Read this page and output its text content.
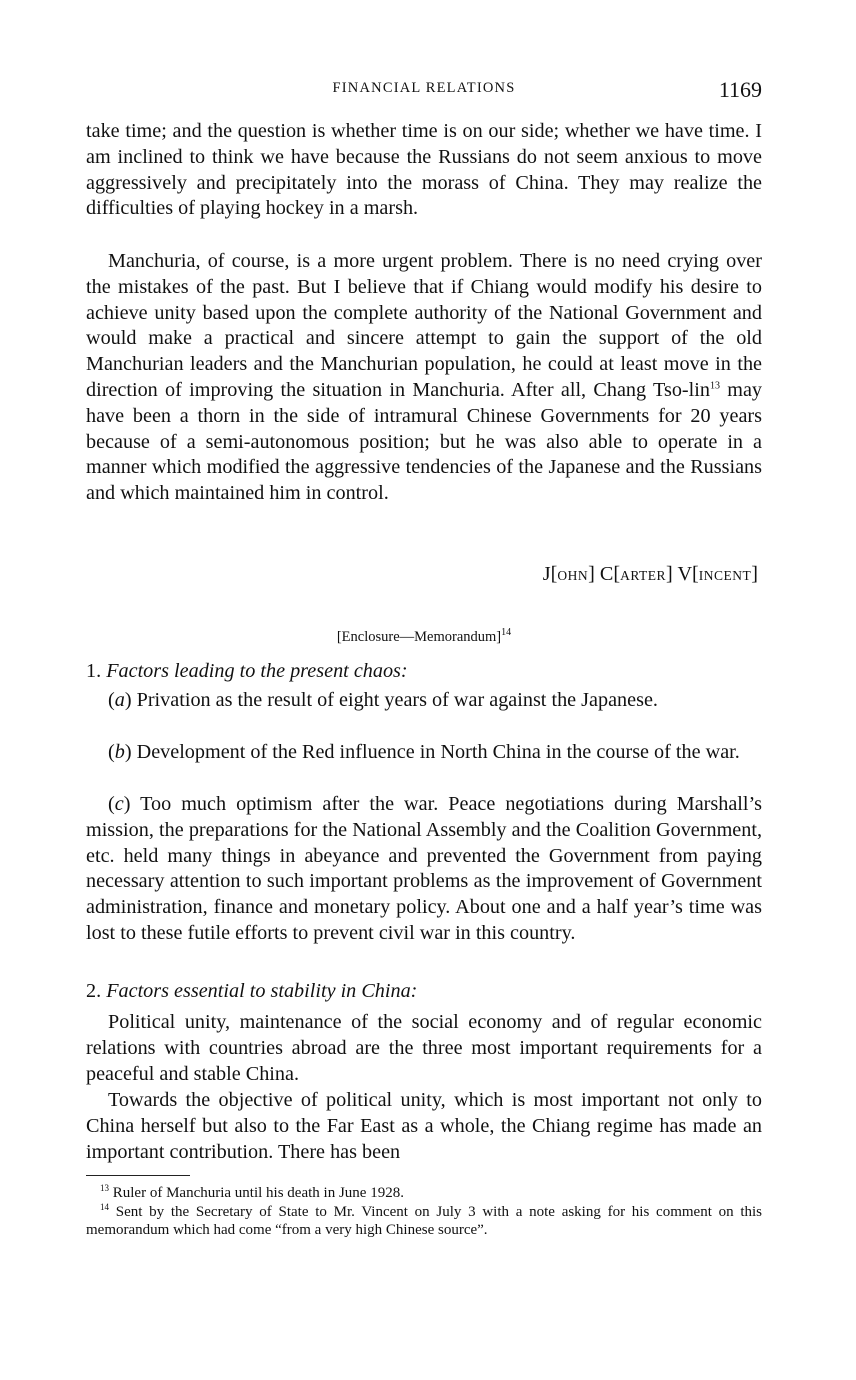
FINANCIAL RELATIONS	1169

take time; and the question is whether time is on our side; whether we have time. I am inclined to think we have because the Russians do not seem anxious to move aggressively and precipitately into the morass of China. They may realize the difficulties of playing hockey in a marsh.

Manchuria, of course, is a more urgent problem. There is no need crying over the mistakes of the past. But I believe that if Chiang would modify his desire to achieve unity based upon the complete authority of the National Government and would make a practical and sincere attempt to gain the support of the old Manchurian leaders and the Manchurian population, he could at least move in the direction of improving the situation in Manchuria. After all, Chang Tso-lin$^{13}$ may have been a thorn in the side of intramural Chinese Governments for 20 years because of a semi-autonomous position; but he was also able to operate in a manner which modified the aggressive tendencies of the Japanese and the Russians and which maintained him in control.

J[OHN] C[ARTER] V[INCENT]
[Enclosure—Memorandum]$^{14}$

1. Factors leading to the present chaos:

(a) Privation as the result of eight years of war against the Japanese.

(b) Development of the Red influence in North China in the course of the war.

(c) Too much optimism after the war. Peace negotiations during Marshall’s mission, the preparations for the National Assembly and the Coalition Government, etc. held many things in abeyance and prevented the Government from paying necessary attention to such important problems as the improvement of Government administration, finance and monetary policy. About one and a half year’s time was lost to these futile efforts to prevent civil war in this country.

2. Factors essential to stability in China:

Political unity, maintenance of the social economy and of regular economic relations with countries abroad are the three most important requirements for a peaceful and stable China.

Towards the objective of political unity, which is most important not only to China herself but also to the Far East as a whole, the Chiang regime has made an important contribution. There has been

$^{13}$ Ruler of Manchuria until his death in June 1928.

$^{14}$ Sent by the Secretary of State to Mr. Vincent on July 3 with a note asking for his comment on this memorandum which had come “from a very high Chinese source”.
